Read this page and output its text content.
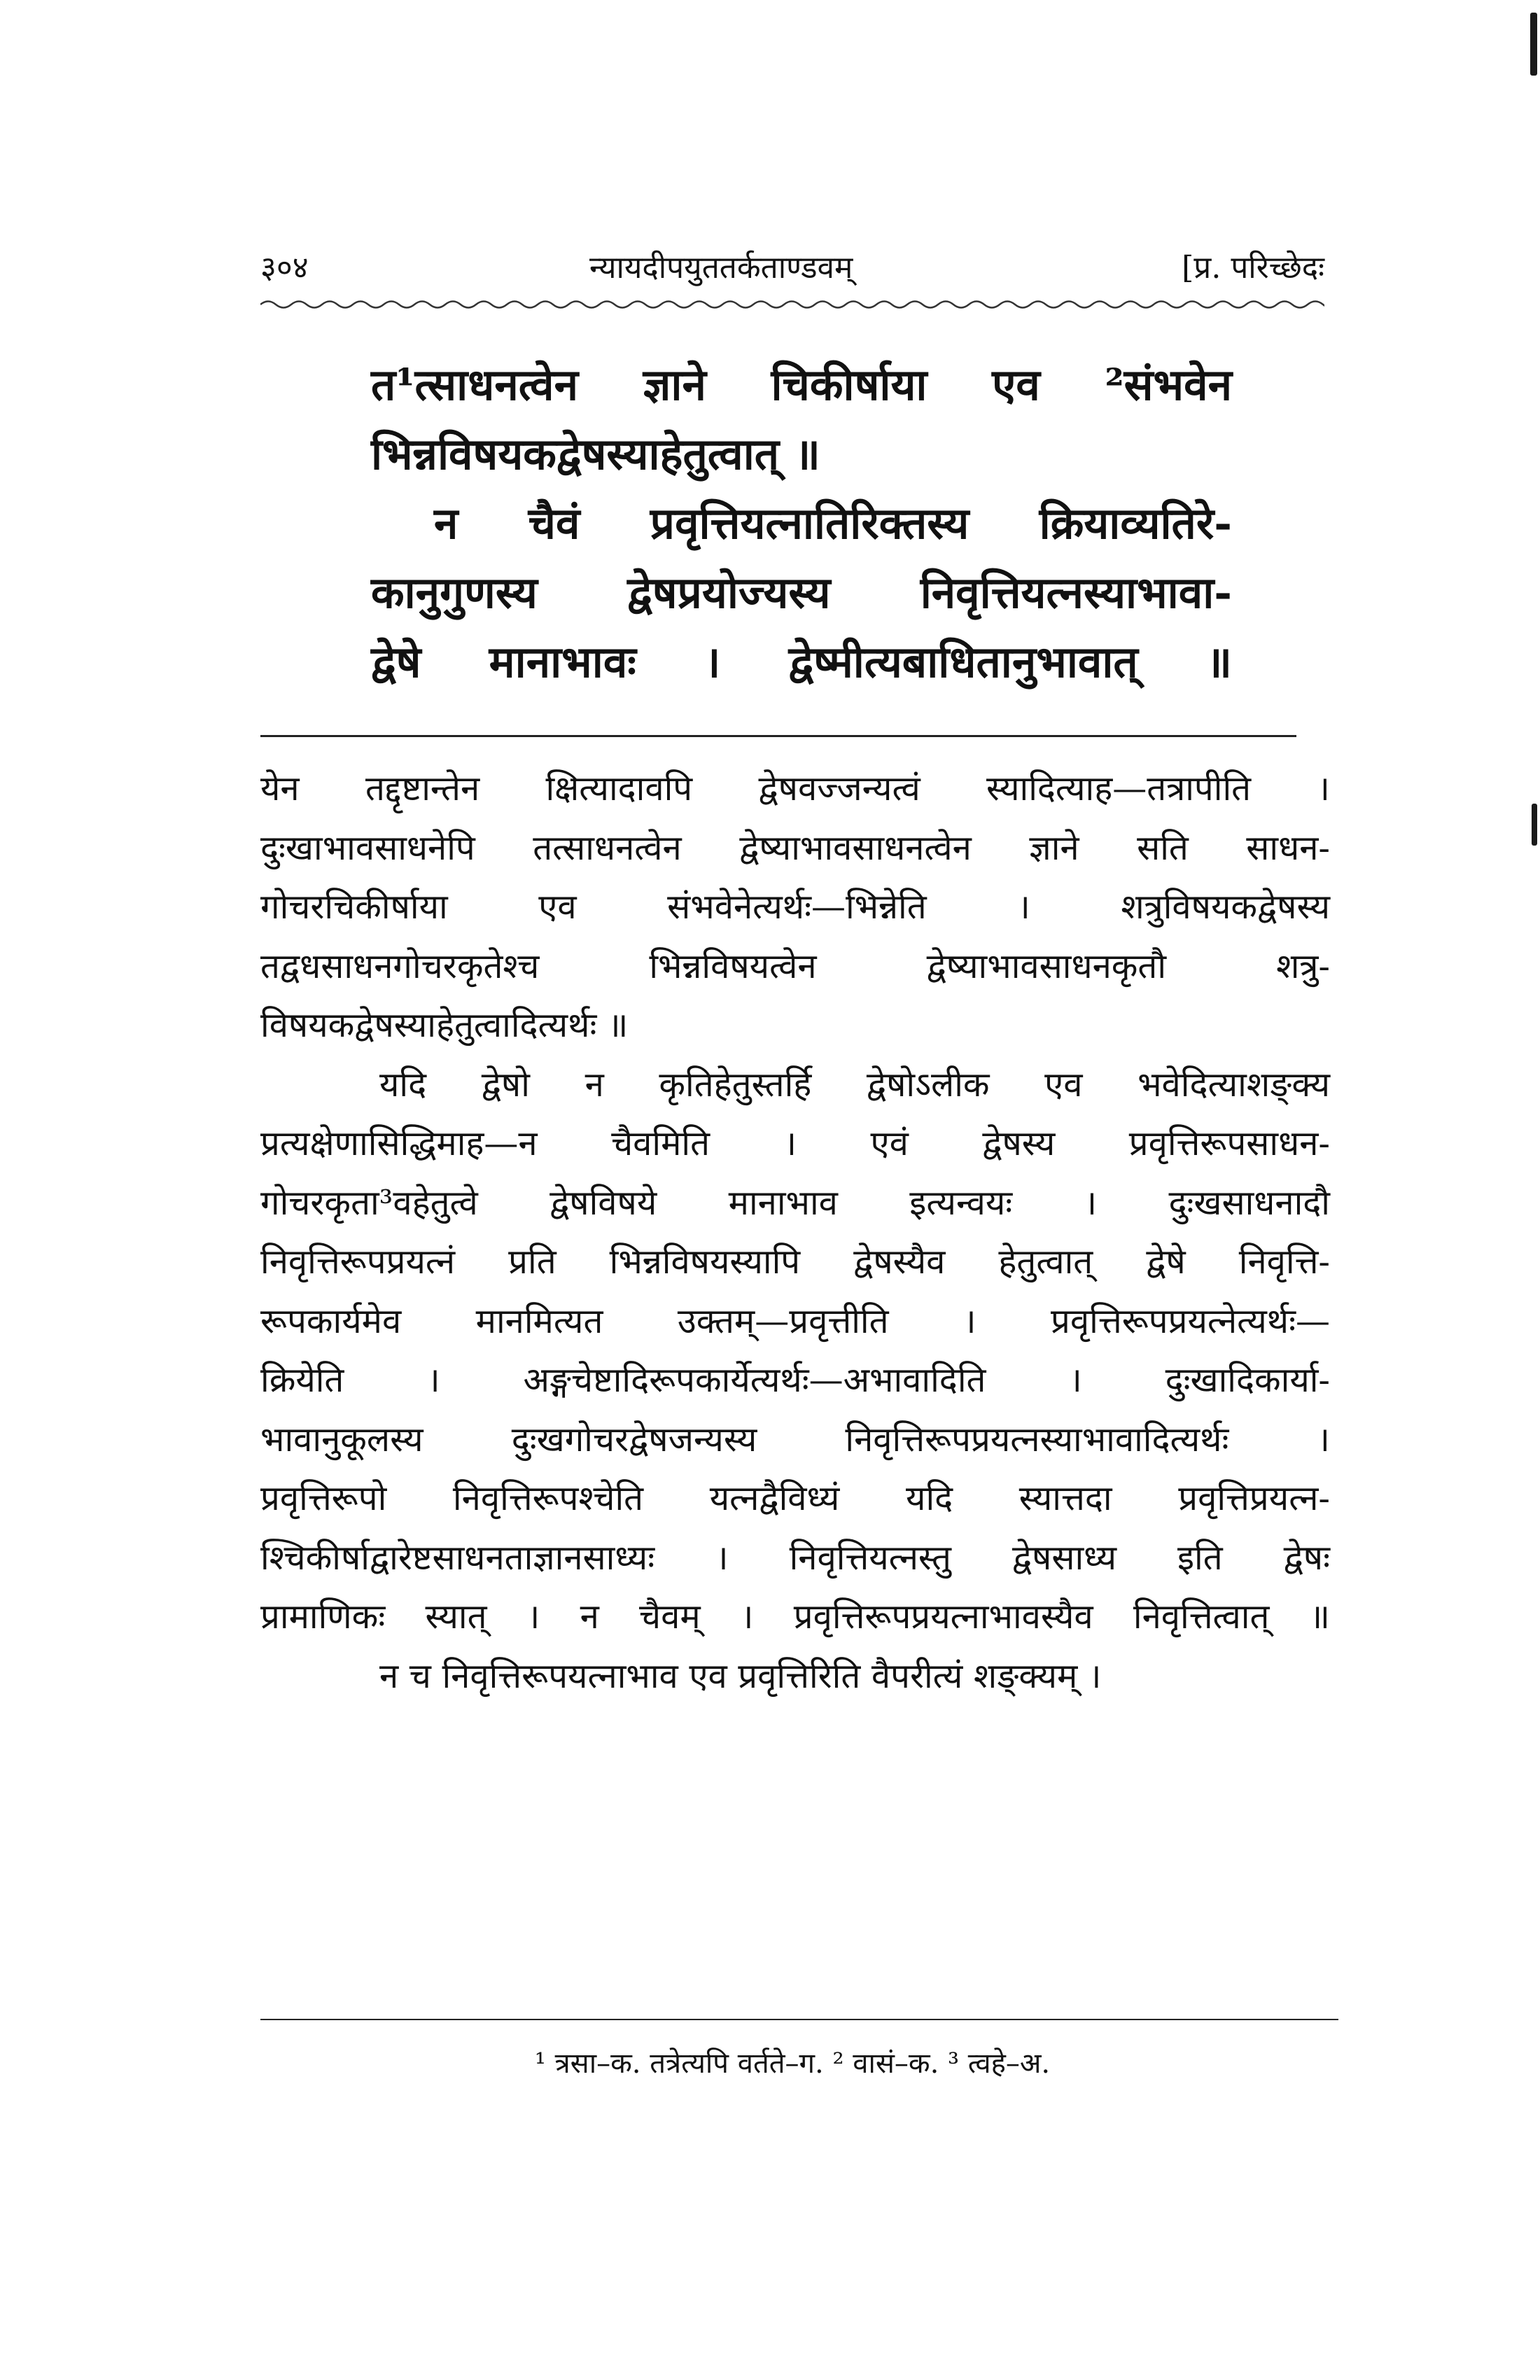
३०४	न्यायदीपयुततर्कताण्डवम्	[प्र. परिच्छेदः
त¹त्साधनत्वेन ज्ञाने चिकीर्षाया एव ²संभवेन
भिन्नविषयकद्वेषस्याहेतुत्वात् ॥
न चैवं प्रवृत्तियत्नातिरिक्तस्य क्रियाव्यतिरे-
कानुगुणस्य द्वेषप्रयोज्यस्य निवृत्तियत्नस्याभावा-
द्वेषे मानाभावः । द्वेष्मीत्यबाधितानुभावात् ॥
येन तद्दृष्टान्तेन क्षित्यादावपि द्वेषवज्जन्यत्वं स्यादित्याह—तत्रापीति ।
दुःखाभावसाधनेपि तत्साधनत्वेन द्वेष्याभावसाधनत्वेन ज्ञाने सति साधन-
गोचरचिकीर्षाया एव संभवेनेत्यर्थः—भिन्नेति । शत्रुविषयकद्वेषस्य
तद्वधसाधनगोचरकृतेश्च भिन्नविषयत्वेन द्वेष्याभावसाधनकृतौ शत्रु-
विषयकद्वेषस्याहेतुत्वादित्यर्थः ॥
यदि द्वेषो न कृतिहेतुस्तर्हि द्वेषोऽलीक एव भवेदित्याशङ्क्य
प्रत्यक्षेणासिद्धिमाह—न चैवमिति । एवं द्वेषस्य प्रवृत्तिरूपसाधन-
गोचरकृता³वहेतुत्वे द्वेषविषये मानाभाव इत्यन्वयः । दुःखसाधनादौ
निवृत्तिरूपप्रयत्नं प्रति भिन्नविषयस्यापि द्वेषस्यैव हेतुत्वात् द्वेषे निवृत्ति-
रूपकार्यमेव मानमित्यत उक्तम्—प्रवृत्तीति । प्रवृत्तिरूपप्रयत्नेत्यर्थः—
क्रियेति । अङ्गचेष्टादिरूपकार्येत्यर्थः—अभावादिति । दुःखादिकार्या-
भावानुकूलस्य दुःखगोचरद्वेषजन्यस्य निवृत्तिरूपप्रयत्नस्याभावादित्यर्थः ।
प्रवृत्तिरूपो निवृत्तिरूपश्चेति यत्नद्वैविध्यं यदि स्यात्तदा प्रवृत्तिप्रयत्न-
श्चिकीर्षाद्वारेष्टसाधनताज्ञानसाध्यः । निवृत्तियत्नस्तु द्वेषसाध्य इति द्वेषः
प्रामाणिकः स्यात् । न चैवम् । प्रवृत्तिरूपप्रयत्नाभावस्यैव निवृत्तित्वात् ॥
न च निवृत्तिरूपयत्नाभाव एव प्रवृत्तिरिति वैपरीत्यं शङ्क्यम् ।
¹ त्रसा–क. तत्रेत्यपि वर्तते–ग. ² वासं–क. ³ त्वहे–अ.
